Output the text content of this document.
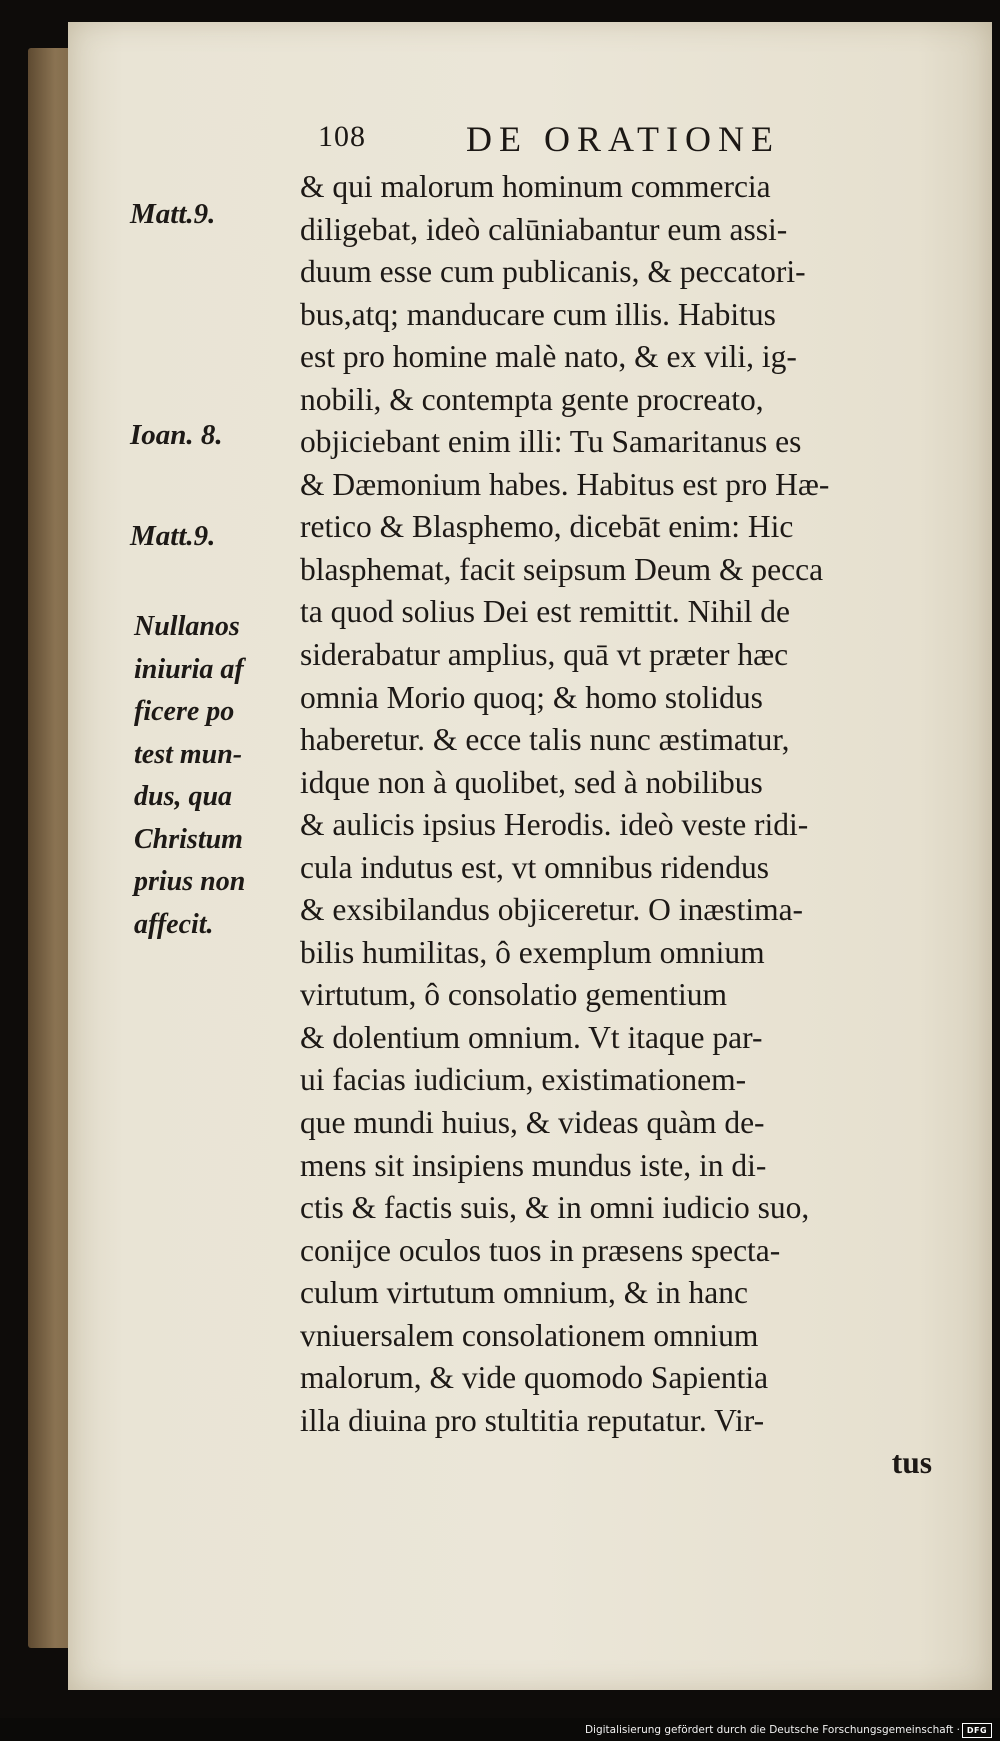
108	DE ORATIONE
Matt.9.
Ioan. 8.
Matt.9.
Nullanos
iniuria af
ficere po
test mun-
dus, qua
Christum
prius non
affecit.
& qui malorum hominum commercia
diligebat, ideò calūniabantur eum assi-
duum esse cum publicanis, & peccatori-
bus,atq; manducare cum illis. Habitus
est pro homine malè nato, & ex vili, ig-
nobili, & contempta gente procreato,
objiciebant enim illi: Tu Samaritanus es
& Dæmonium habes. Habitus est pro Hæ-
retico & Blasphemo, dicebāt enim: Hic
blasphemat, facit seipsum Deum & pecca
ta quod solius Dei est remittit. Nihil de
siderabatur amplius, quā vt præter hæc
omnia Morio quoq; & homo stolidus
haberetur. & ecce talis nunc æstimatur,
idque non à quolibet, sed à nobilibus
& aulicis ipsius Herodis. ideò veste ridi-
cula indutus est, vt omnibus ridendus
& exsibilandus objiceretur. O inæstima-
bilis humilitas, ô exemplum omnium
virtutum, ô consolatio gementium
& dolentium omnium. Vt itaque par-
ui facias iudicium, existimationem-
que mundi huius, & videas quàm de-
mens sit insipiens mundus iste, in di-
ctis & factis suis, & in omni iudicio suo,
conijce oculos tuos in præsens specta-
culum virtutum omnium, & in hanc
vniuersalem consolationem omnium
malorum, & vide quomodo Sapientia
illa diuina pro stultitia reputatur. Vir-
tus
Digitalisierung gefördert durch die Deutsche Forschungsgemeinschaft · DFG
